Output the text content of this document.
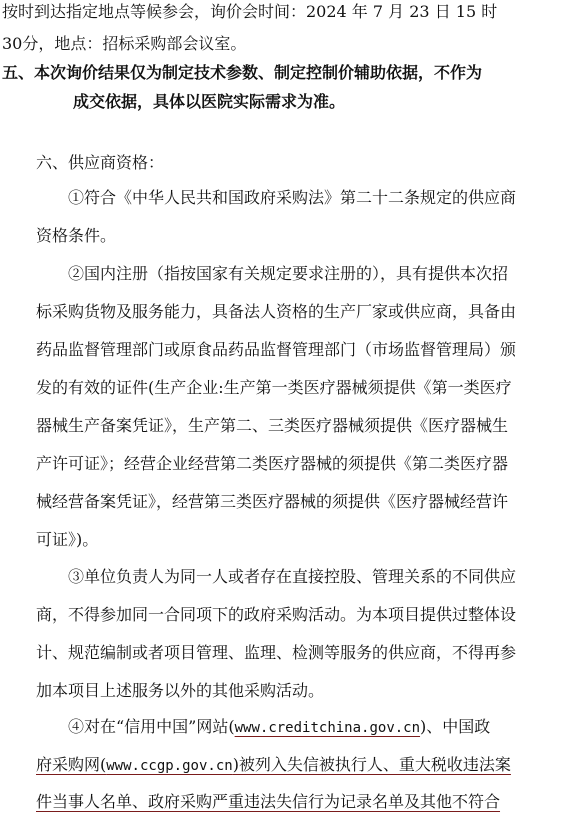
按时到达指定地点等候参会，询价会时间：2024 年 7 月 23 日 15 时
30分，地点：招标采购部会议室。
五、本次询价结果仅为制定技术参数、制定控制价辅助依据，不作为
成交依据，具体以医院实际需求为准。
六、供应商资格：
①符合《中华人民共和国政府采购法》第二十二条规定的供应商
资格条件。
②国内注册（指按国家有关规定要求注册的），具有提供本次招
标采购货物及服务能力，具备法人资格的生产厂家或供应商，具备由
药品监督管理部门或原食品药品监督管理部门（市场监督管理局）颁
发的有效的证件(生产企业:生产第一类医疗器械须提供《第一类医疗
器械生产备案凭证》，生产第二、三类医疗器械须提供《医疗器械生
产许可证》；经营企业经营第二类医疗器械的须提供《第二类医疗器
械经营备案凭证》，经营第三类医疗器械的须提供《医疗器械经营许
可证》)。
③单位负责人为同一人或者存在直接控股、管理关系的不同供应
商，不得参加同一合同项下的政府采购活动。为本项目提供过整体设
计、规范编制或者项目管理、监理、检测等服务的供应商，不得再参
加本项目上述服务以外的其他采购活动。
④对在“信用中国”网站(www.creditchina.gov.cn)、中国政
府采购网(www.ccgp.gov.cn)被列入失信被执行人、重大税收违法案
件当事人名单、政府采购严重违法失信行为记录名单及其他不符合
